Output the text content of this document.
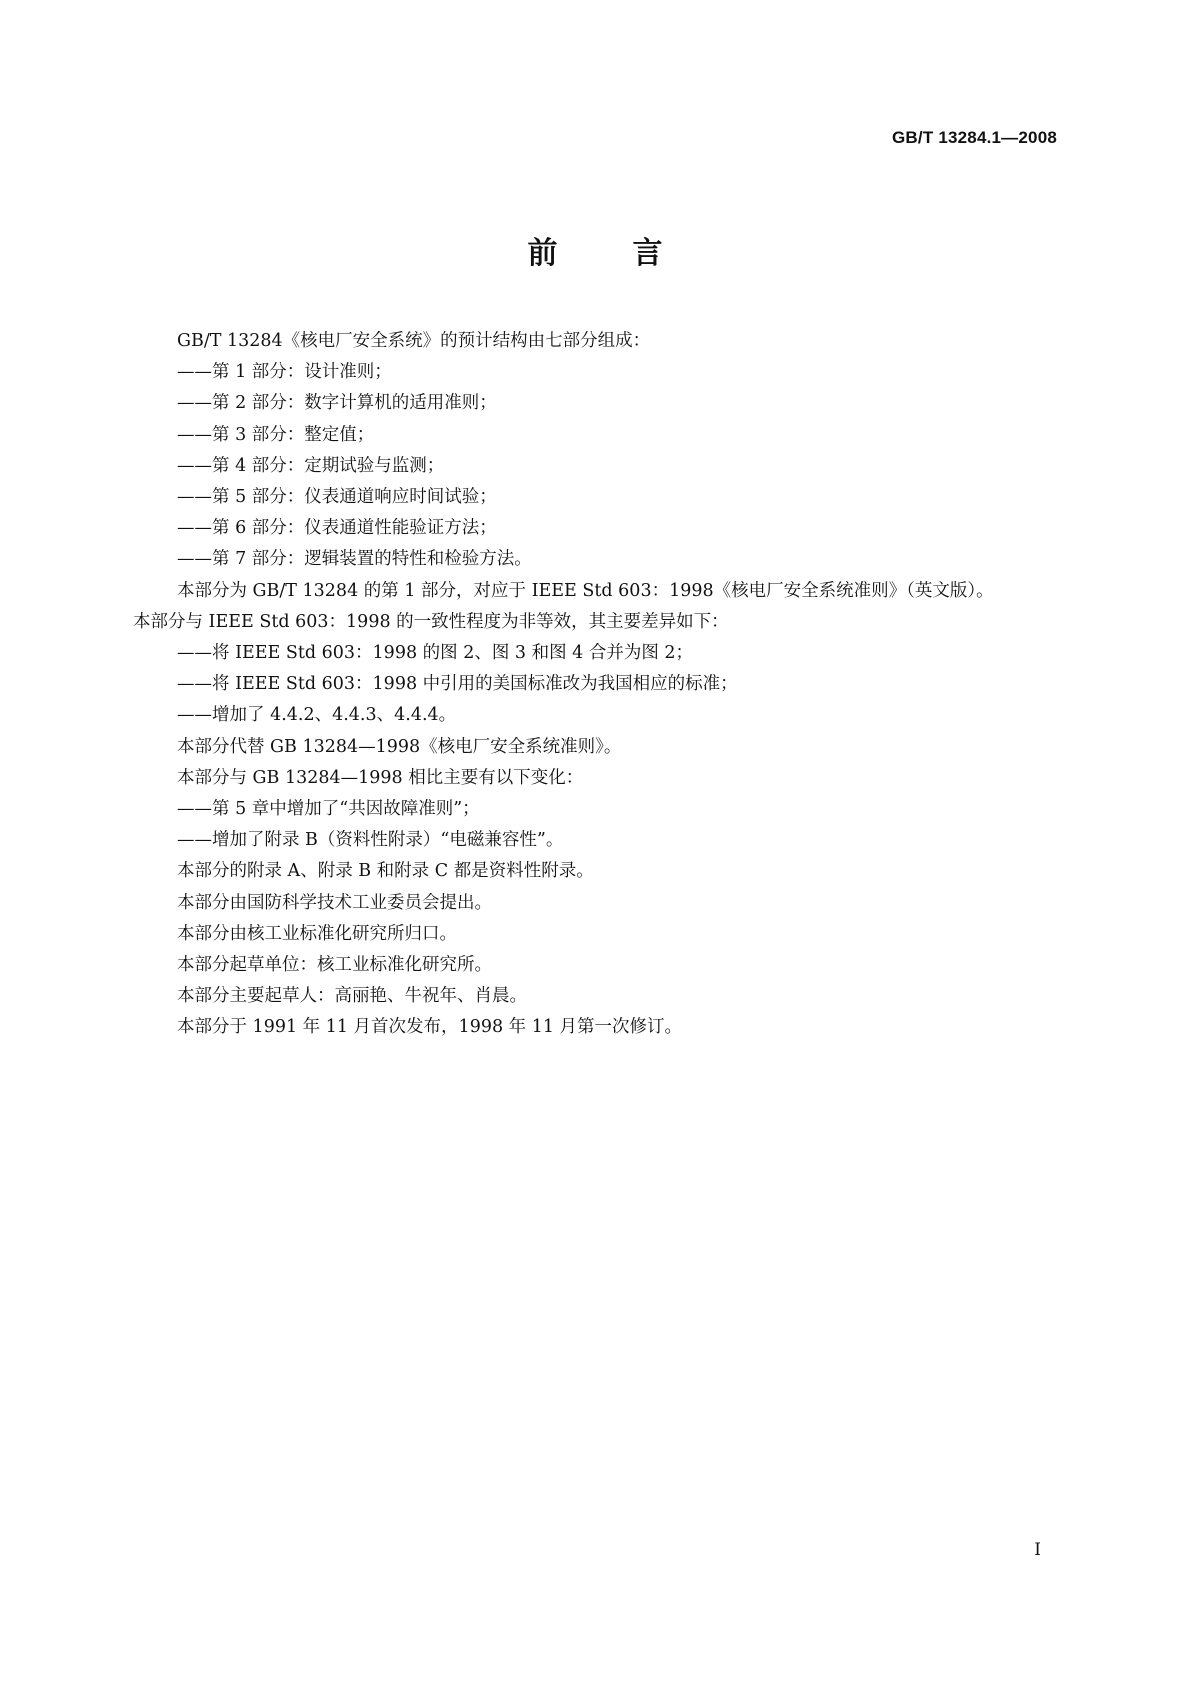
GB/T 13284.1—2008
前 言
GB/T 13284《核电厂安全系统》的预计结构由七部分组成：
——第 1 部分：设计准则；
——第 2 部分：数字计算机的适用准则；
——第 3 部分：整定值；
——第 4 部分：定期试验与监测；
——第 5 部分：仪表通道响应时间试验；
——第 6 部分：仪表通道性能验证方法；
——第 7 部分：逻辑装置的特性和检验方法。
本部分为 GB/T 13284 的第 1 部分，对应于 IEEE Std 603：1998《核电厂安全系统准则》（英文版）。
本部分与 IEEE Std 603：1998 的一致性程度为非等效，其主要差异如下：
——将 IEEE Std 603：1998 的图 2、图 3 和图 4 合并为图 2；
——将 IEEE Std 603：1998 中引用的美国标准改为我国相应的标准；
——增加了 4.4.2、4.4.3、4.4.4。
本部分代替 GB 13284—1998《核电厂安全系统准则》。
本部分与 GB 13284—1998 相比主要有以下变化：
——第 5 章中增加了“共因故障准则”；
——增加了附录 B（资料性附录）“电磁兼容性”。
本部分的附录 A、附录 B 和附录 C 都是资料性附录。
本部分由国防科学技术工业委员会提出。
本部分由核工业标准化研究所归口。
本部分起草单位：核工业标准化研究所。
本部分主要起草人：高丽艳、牛祝年、肖晨。
本部分于 1991 年 11 月首次发布，1998 年 11 月第一次修订。
I
